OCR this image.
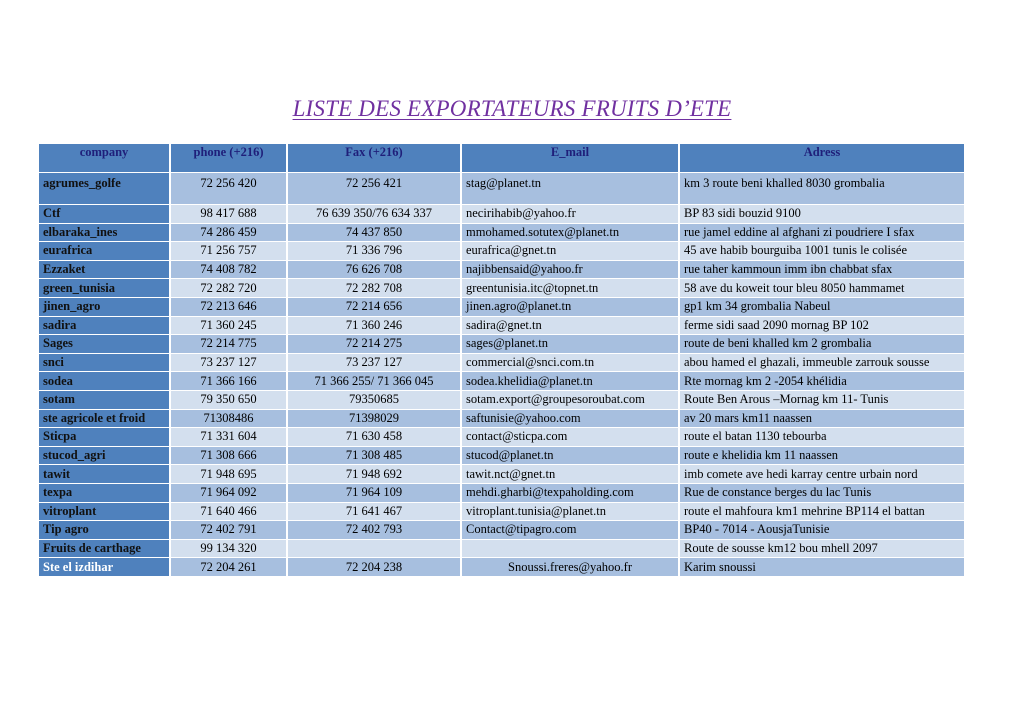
LISTE DES EXPORTATEURS FRUITS D’ETE
company	phone (+216)	Fax (+216)	E_mail	Adress
agrumes_golfe	72 256 420	72 256 421	stag@planet.tn	km 3 route beni khalled 8030 grombalia
Ctf	98 417 688	76 639 350/76 634 337	necirihabib@yahoo.fr	BP 83 sidi bouzid 9100
elbaraka_ines	74 286 459	74 437 850	mmohamed.sotutex@planet.tn	rue jamel eddine al afghani zi poudriere I sfax
eurafrica	71 256 757	71 336 796	eurafrica@gnet.tn	45 ave habib bourguiba 1001 tunis le colisée
Ezzaket	74 408 782	76 626 708	najibbensaid@yahoo.fr	rue taher kammoun imm ibn chabbat sfax
green_tunisia	72 282 720	72 282 708	greentunisia.itc@topnet.tn	58 ave du koweit tour bleu 8050 hammamet
jinen_agro	72 213 646	72 214 656	jinen.agro@planet.tn	gp1 km 34 grombalia Nabeul
sadira	71 360 245	71 360 246	sadira@gnet.tn	ferme sidi saad 2090 mornag BP 102
Sages	72 214 775	72 214 275	sages@planet.tn	route de beni khalled km 2 grombalia
snci	73 237 127	73 237 127	commercial@snci.com.tn	abou hamed el ghazali, immeuble zarrouk sousse
sodea	71 366 166	71 366 255/ 71 366 045	sodea.khelidia@planet.tn	Rte mornag km 2 -2054 khélidia
sotam	79 350 650	79350685	sotam.export@groupesoroubat.com	Route Ben Arous –Mornag km 11- Tunis
ste agricole et froid	71308486	71398029	saftunisie@yahoo.com	av 20 mars km11 naassen
Sticpa	71 331 604	71 630 458	contact@sticpa.com	route el batan 1130 tebourba
stucod_agri	71 308 666	71 308 485	stucod@planet.tn	route e khelidia km 11 naassen
tawit	71 948 695	71 948 692	tawit.nct@gnet.tn	imb comete ave hedi karray centre urbain nord
texpa	71 964 092	71 964 109	mehdi.gharbi@texpaholding.com	Rue de constance berges du lac Tunis
vitroplant	71 640 466	71 641 467	vitroplant.tunisia@planet.tn	route el mahfoura km1 mehrine BP114 el battan
Tip agro	72 402 791	72 402 793	Contact@tipagro.com	BP40 - 7014 - AousjaTunisie
Fruits de carthage	99 134 320			Route de sousse km12 bou mhell 2097
Ste el izdihar	72 204 261	72 204 238	Snoussi.freres@yahoo.fr	Karim snoussi
